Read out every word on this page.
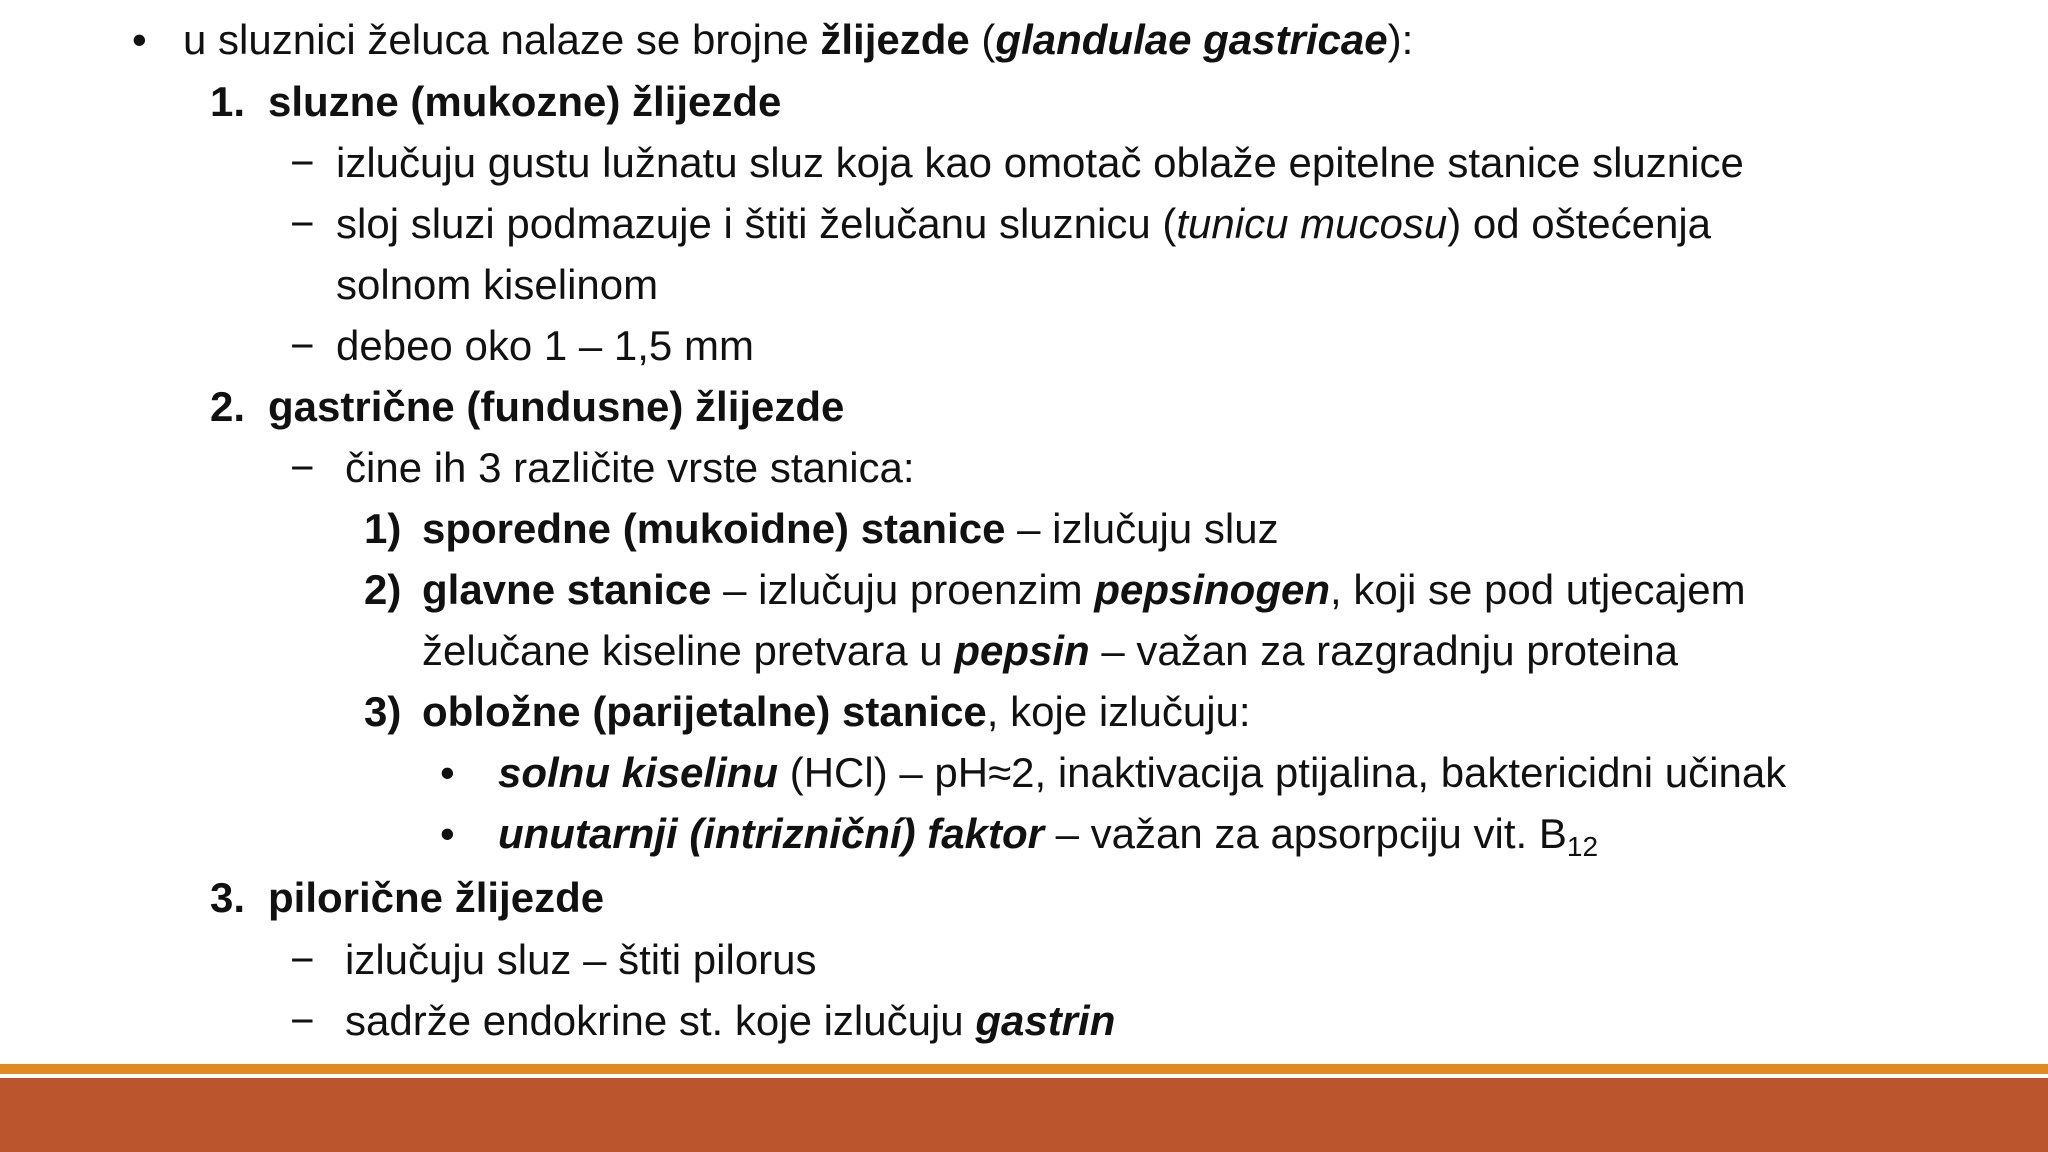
• u sluznici želuca nalaze se brojne žlijezde (glandulae gastricae):
1. sluzne (mukozne) žlijezde
− izlučuju gustu lužnatu sluz koja kao omotač oblaže epitelne stanice sluznice
− sloj sluzi podmazuje i štiti želučanu sluznicu (tunicu mucosu) od oštećenja
solnom kiselinom
− debeo oko 1 – 1,5 mm
2. gastrične (fundusne) žlijezde
− čine ih 3 različite vrste stanica:
1) sporedne (mukoidne) stanice – izlučuju sluz
2) glavne stanice – izlučuju proenzim pepsinogen, koji se pod utjecajem
želučane kiseline pretvara u pepsin – važan za razgradnju proteina
3) obložne (parijetalne) stanice, koje izlučuju:
• solnu kiselinu (HCl) – pH≈2, inaktivacija ptijalina, baktericidni učinak
• unutarnji (intrizniční) faktor – važan za apsorpciju vit. $B_{12}$
3. pilorične žlijezde
− izlučuju sluz – štiti pilorus
− sadrže endokrine st. koje izlučuju gastrin
